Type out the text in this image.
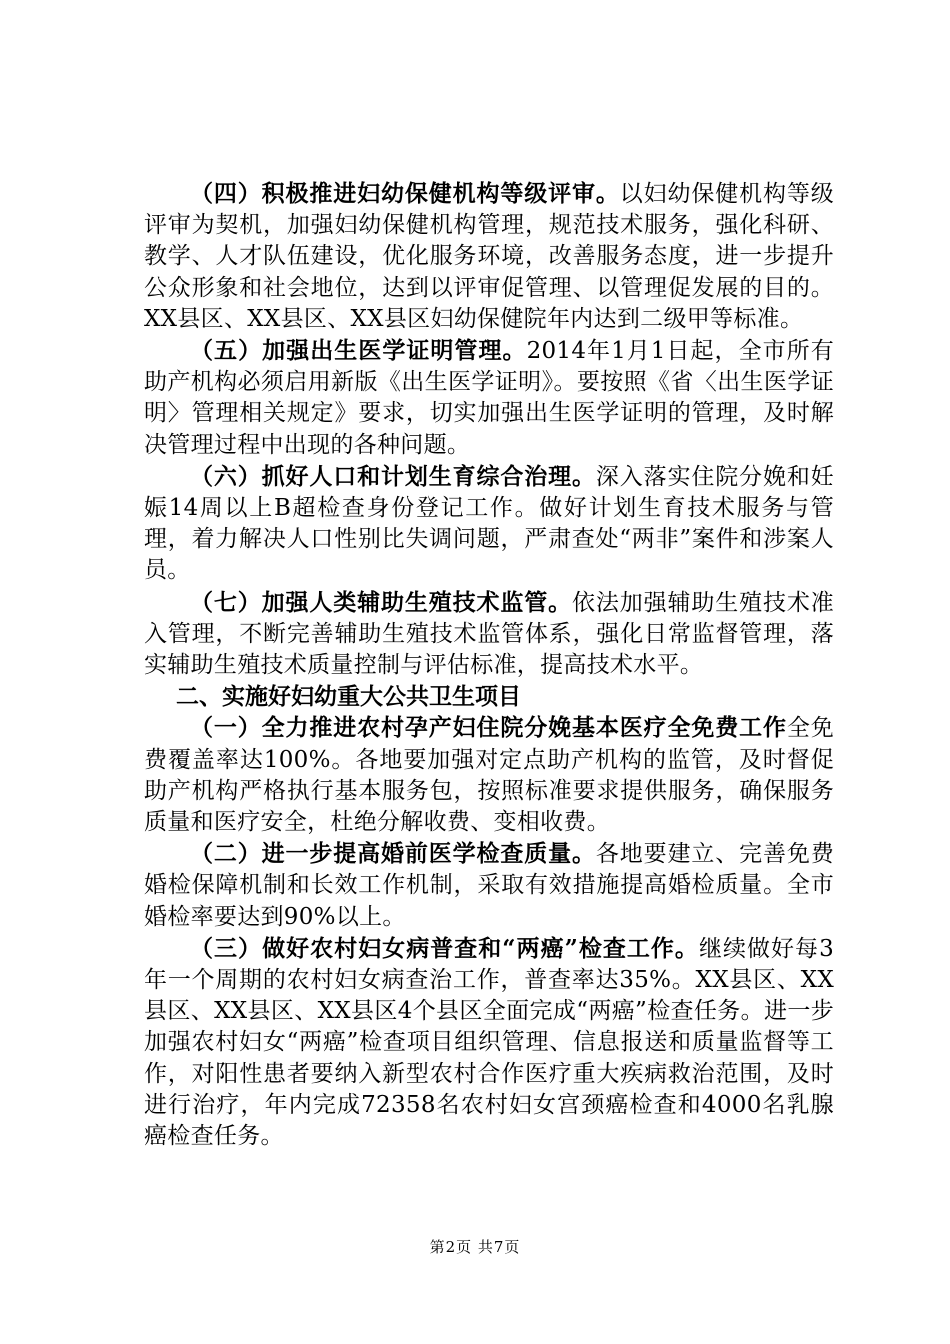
（四）积极推进妇幼保健机构等级评审。以妇幼保健机构等级评审为契机，加强妇幼保健机构管理，规范技术服务，强化科研、教学、人才队伍建设，优化服务环境，改善服务态度，进一步提升公众形象和社会地位，达到以评审促管理、以管理促发展的目的。XX县区、XX县区、XX县区妇幼保健院年内达到二级甲等标准。

（五）加强出生医学证明管理。2014年1月1日起，全市所有助产机构必须启用新版《出生医学证明》。要按照《省〈出生医学证明〉管理相关规定》要求，切实加强出生医学证明的管理，及时解决管理过程中出现的各种问题。

（六）抓好人口和计划生育综合治理。深入落实住院分娩和妊娠14周以上B超检查身份登记工作。做好计划生育技术服务与管理，着力解决人口性别比失调问题，严肃查处“两非”案件和涉案人员。

（七）加强人类辅助生殖技术监管。依法加强辅助生殖技术准入管理，不断完善辅助生殖技术监管体系，强化日常监督管理，落实辅助生殖技术质量控制与评估标准，提高技术水平。

二、实施好妇幼重大公共卫生项目

（一）全力推进农村孕产妇住院分娩基本医疗全免费工作全免费覆盖率达100%。各地要加强对定点助产机构的监管，及时督促助产机构严格执行基本服务包，按照标准要求提供服务，确保服务质量和医疗安全，杜绝分解收费、变相收费。

（二）进一步提高婚前医学检查质量。各地要建立、完善免费婚检保障机制和长效工作机制，采取有效措施提高婚检质量。全市婚检率要达到90%以上。

（三）做好农村妇女病普查和“两癌”检查工作。继续做好每3年一个周期的农村妇女病查治工作，普查率达35%。XX县区、XX县区、XX县区、XX县区4个县区全面完成“两癌”检查任务。进一步加强农村妇女“两癌”检查项目组织管理、信息报送和质量监督等工作，对阳性患者要纳入新型农村合作医疗重大疾病救治范围，及时进行治疗，年内完成72358名农村妇女宫颈癌检查和4000名乳腺癌检查任务。

第2页 共7页
